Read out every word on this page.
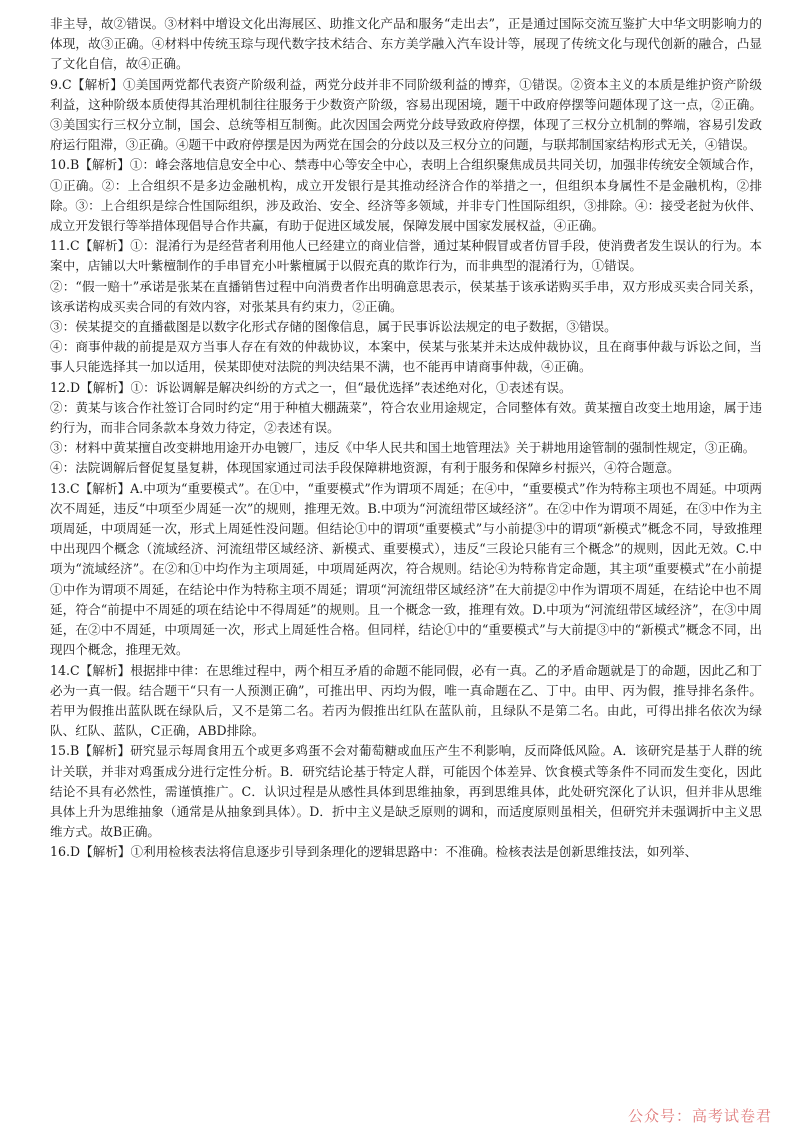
非主导，故②错误。③材料中增设文化出海展区、助推文化产品和服务“走出去”，正是通过国际交流互鉴扩大中华文明影响力的体现，故③正确。④材料中传统玉琮与现代数字技术结合、东方美学融入汽车设计等，展现了传统文化与现代创新的融合，凸显了文化自信，故④正确。

9.C【解析】①美国两党都代表资产阶级利益，两党分歧并非不同阶级利益的博弈，①错误。②资本主义的本质是维护资产阶级利益，这种阶级本质使得其治理机制往往服务于少数资产阶级，容易出现困境，题干中政府停摆等问题体现了这一点，②正确。③美国实行三权分立制，国会、总统等相互制衡。此次因国会两党分歧导致政府停摆，体现了三权分立机制的弊端，容易引发政府运行阻滞，③正确。④题干中政府停摆是因为两党在国会的分歧以及三权分立的问题，与联邦制国家结构形式无关，④错误。

10.B【解析】①：峰会落地信息安全中心、禁毒中心等安全中心，表明上合组织聚焦成员共同关切，加强非传统安全领域合作，①正确。②：上合组织不是多边金融机构，成立开发银行是其推动经济合作的举措之一，但组织本身属性不是金融机构，②排除。③：上合组织是综合性国际组织，涉及政治、安全、经济等多领域，并非专门性国际组织，③排除。④：接受老挝为伙伴、成立开发银行等举措体现倡导合作共赢，有助于促进区域发展，保障发展中国家发展权益，④正确。

11.C【解析】①：混淆行为是经营者利用他人已经建立的商业信誉，通过某种假冒或者仿冒手段，使消费者发生误认的行为。本案中，店铺以大叶紫檀制作的手串冒充小叶紫檀属于以假充真的欺诈行为，而非典型的混淆行为，①错误。

②：“假一赔十”承诺是张某在直播销售过程中向消费者作出明确意思表示，侯某基于该承诺购买手串，双方形成买卖合同关系，该承诺构成买卖合同的有效内容，对张某具有约束力，②正确。

③：侯某提交的直播截图是以数字化形式存储的图像信息，属于民事诉讼法规定的电子数据，③错误。

④：商事仲裁的前提是双方当事人存在有效的仲裁协议，本案中，侯某与张某并未达成仲裁协议，且在商事仲裁与诉讼之间，当事人只能选择其一加以适用，侯某即使对法院的判决结果不满，也不能再申请商事仲裁，④正确。

12.D【解析】①：诉讼调解是解决纠纷的方式之一，但“最优选择”表述绝对化，①表述有误。

②：黄某与该合作社签订合同时约定“用于种植大棚蔬菜”，符合农业用途规定，合同整体有效。黄某擅自改变土地用途，属于违约行为，而非合同条款本身效力待定，②表述有误。

③：材料中黄某擅自改变耕地用途开办电镀厂，违反《中华人民共和国土地管理法》关于耕地用途管制的强制性规定，③正确。

④：法院调解后督促复垦复耕，体现国家通过司法手段保障耕地资源，有利于服务和保障乡村振兴，④符合题意。

13.C【解析】A.中项为“重要模式”。在①中，“重要模式”作为谓项不周延；在④中，“重要模式”作为特称主项也不周延。中项两次不周延，违反“中项至少周延一次”的规则，推理无效。B.中项为“河流纽带区域经济”。在②中作为谓项不周延，在③中作为主项周延，中项周延一次，形式上周延性没问题。但结论①中的谓项“重要模式”与小前提③中的谓项“新模式”概念不同，导致推理中出现四个概念（流域经济、河流纽带区域经济、新模式、重要模式），违反“三段论只能有三个概念”的规则，因此无效。C.中项为“流域经济”。在②和①中均作为主项周延，中项周延两次，符合规则。结论④为特称肯定命题，其主项“重要模式”在小前提①中作为谓项不周延，在结论中作为特称主项不周延；谓项“河流纽带区域经济”在大前提②中作为谓项不周延，在结论中也不周延，符合“前提中不周延的项在结论中不得周延”的规则。且一个概念一致，推理有效。D.中项为“河流纽带区域经济”，在③中周延，在②中不周延，中项周延一次，形式上周延性合格。但同样，结论①中的“重要模式”与大前提③中的“新模式”概念不同，出现四个概念，推理无效。

14.C【解析】根据排中律：在思维过程中，两个相互矛盾的命题不能同假，必有一真。乙的矛盾命题就是丁的命题，因此乙和丁必为一真一假。结合题干“只有一人预测正确”，可推出甲、丙均为假，唯一真命题在乙、丁中。由甲、丙为假，推导排名条件。若甲为假推出蓝队既在绿队后，又不是第二名。若丙为假推出红队在蓝队前，且绿队不是第二名。由此，可得出排名依次为绿队、红队、蓝队，C正确，ABD排除。

15.B【解析】研究显示每周食用五个或更多鸡蛋不会对葡萄糖或血压产生不利影响，反而降低风险。A．该研究是基于人群的统计关联，并非对鸡蛋成分进行定性分析。B．研究结论基于特定人群，可能因个体差异、饮食模式等条件不同而发生变化，因此结论不具有必然性，需谨慎推广。C．认识过程是从感性具体到思维抽象，再到思维具体，此处研究深化了认识，但并非从思维具体上升为思维抽象（通常是从抽象到具体）。D．折中主义是缺乏原则的调和，而适度原则虽相关，但研究并未强调折中主义思维方式。故B正确。

16.D【解析】①利用检核表法将信息逐步引导到条理化的逻辑思路中：不准确。检核表法是创新思维技法，如列举、

公众号：高考试卷君
